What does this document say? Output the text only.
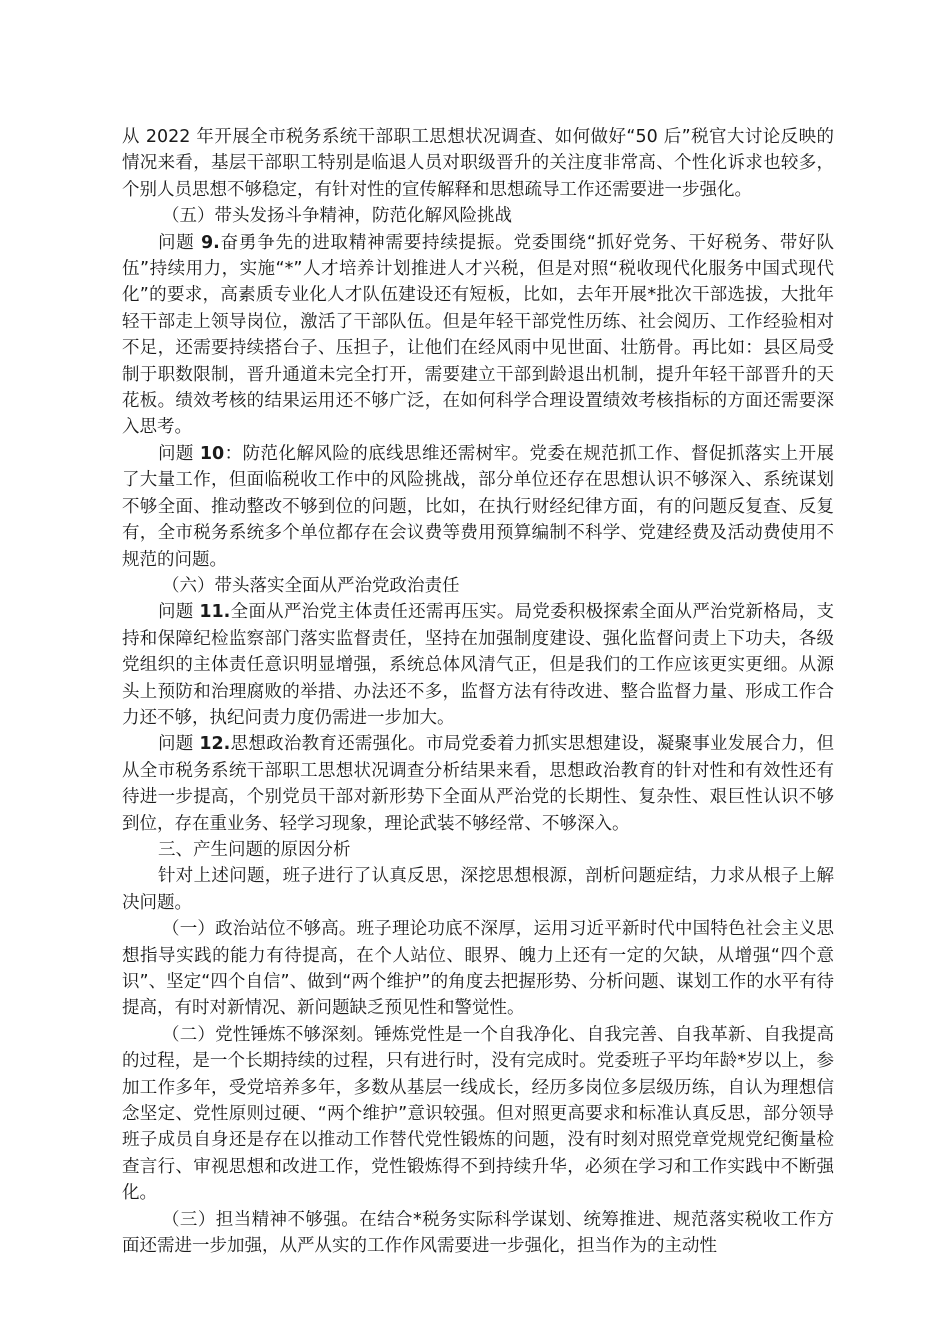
从 2022 年开展全市税务系统干部职工思想状况调查、如何做好“50 后”税官大讨论反映的情况来看，基层干部职工特别是临退人员对职级晋升的关注度非常高、个性化诉求也较多，个别人员思想不够稳定，有针对性的宣传解释和思想疏导工作还需要进一步强化。

（五）带头发扬斗争精神，防范化解风险挑战

问题 9.奋勇争先的进取精神需要持续提振。党委围绕“抓好党务、干好税务、带好队伍”持续用力，实施“*”人才培养计划推进人才兴税，但是对照“税收现代化服务中国式现代化”的要求，高素质专业化人才队伍建设还有短板，比如，去年开展*批次干部选拔，大批年轻干部走上领导岗位，激活了干部队伍。但是年轻干部党性历练、社会阅历、工作经验相对不足，还需要持续搭台子、压担子，让他们在经风雨中见世面、壮筋骨。再比如：县区局受制于职数限制，晋升通道未完全打开，需要建立干部到龄退出机制，提升年轻干部晋升的天花板。绩效考核的结果运用还不够广泛，在如何科学合理设置绩效考核指标的方面还需要深入思考。

问题 10：防范化解风险的底线思维还需树牢。党委在规范抓工作、督促抓落实上开展了大量工作，但面临税收工作中的风险挑战，部分单位还存在思想认识不够深入、系统谋划不够全面、推动整改不够到位的问题，比如，在执行财经纪律方面，有的问题反复查、反复有，全市税务系统多个单位都存在会议费等费用预算编制不科学、党建经费及活动费使用不规范的问题。

（六）带头落实全面从严治党政治责任

问题 11.全面从严治党主体责任还需再压实。局党委积极探索全面从严治党新格局，支持和保障纪检监察部门落实监督责任，坚持在加强制度建设、强化监督问责上下功夫，各级党组织的主体责任意识明显增强，系统总体风清气正，但是我们的工作应该更实更细。从源头上预防和治理腐败的举措、办法还不多，监督方法有待改进、整合监督力量、形成工作合力还不够，执纪问责力度仍需进一步加大。

问题 12.思想政治教育还需强化。市局党委着力抓实思想建设，凝聚事业发展合力，但从全市税务系统干部职工思想状况调查分析结果来看，思想政治教育的针对性和有效性还有待进一步提高，个别党员干部对新形势下全面从严治党的长期性、复杂性、艰巨性认识不够到位，存在重业务、轻学习现象，理论武装不够经常、不够深入。

三、产生问题的原因分析

针对上述问题，班子进行了认真反思，深挖思想根源，剖析问题症结，力求从根子上解决问题。

（一）政治站位不够高。班子理论功底不深厚，运用习近平新时代中国特色社会主义思想指导实践的能力有待提高，在个人站位、眼界、魄力上还有一定的欠缺，从增强“四个意识”、坚定“四个自信”、做到“两个维护”的角度去把握形势、分析问题、谋划工作的水平有待提高，有时对新情况、新问题缺乏预见性和警觉性。

（二）党性锤炼不够深刻。锤炼党性是一个自我净化、自我完善、自我革新、自我提高的过程，是一个长期持续的过程，只有进行时，没有完成时。党委班子平均年龄*岁以上，参加工作多年，受党培养多年，多数从基层一线成长，经历多岗位多层级历练，自认为理想信念坚定、党性原则过硬、“两个维护”意识较强。但对照更高要求和标准认真反思，部分领导班子成员自身还是存在以推动工作替代党性锻炼的问题，没有时刻对照党章党规党纪衡量检查言行、审视思想和改进工作，党性锻炼得不到持续升华，必须在学习和工作实践中不断强化。

（三）担当精神不够强。在结合*税务实际科学谋划、统筹推进、规范落实税收工作方面还需进一步加强，从严从实的工作作风需要进一步强化，担当作为的主动性
